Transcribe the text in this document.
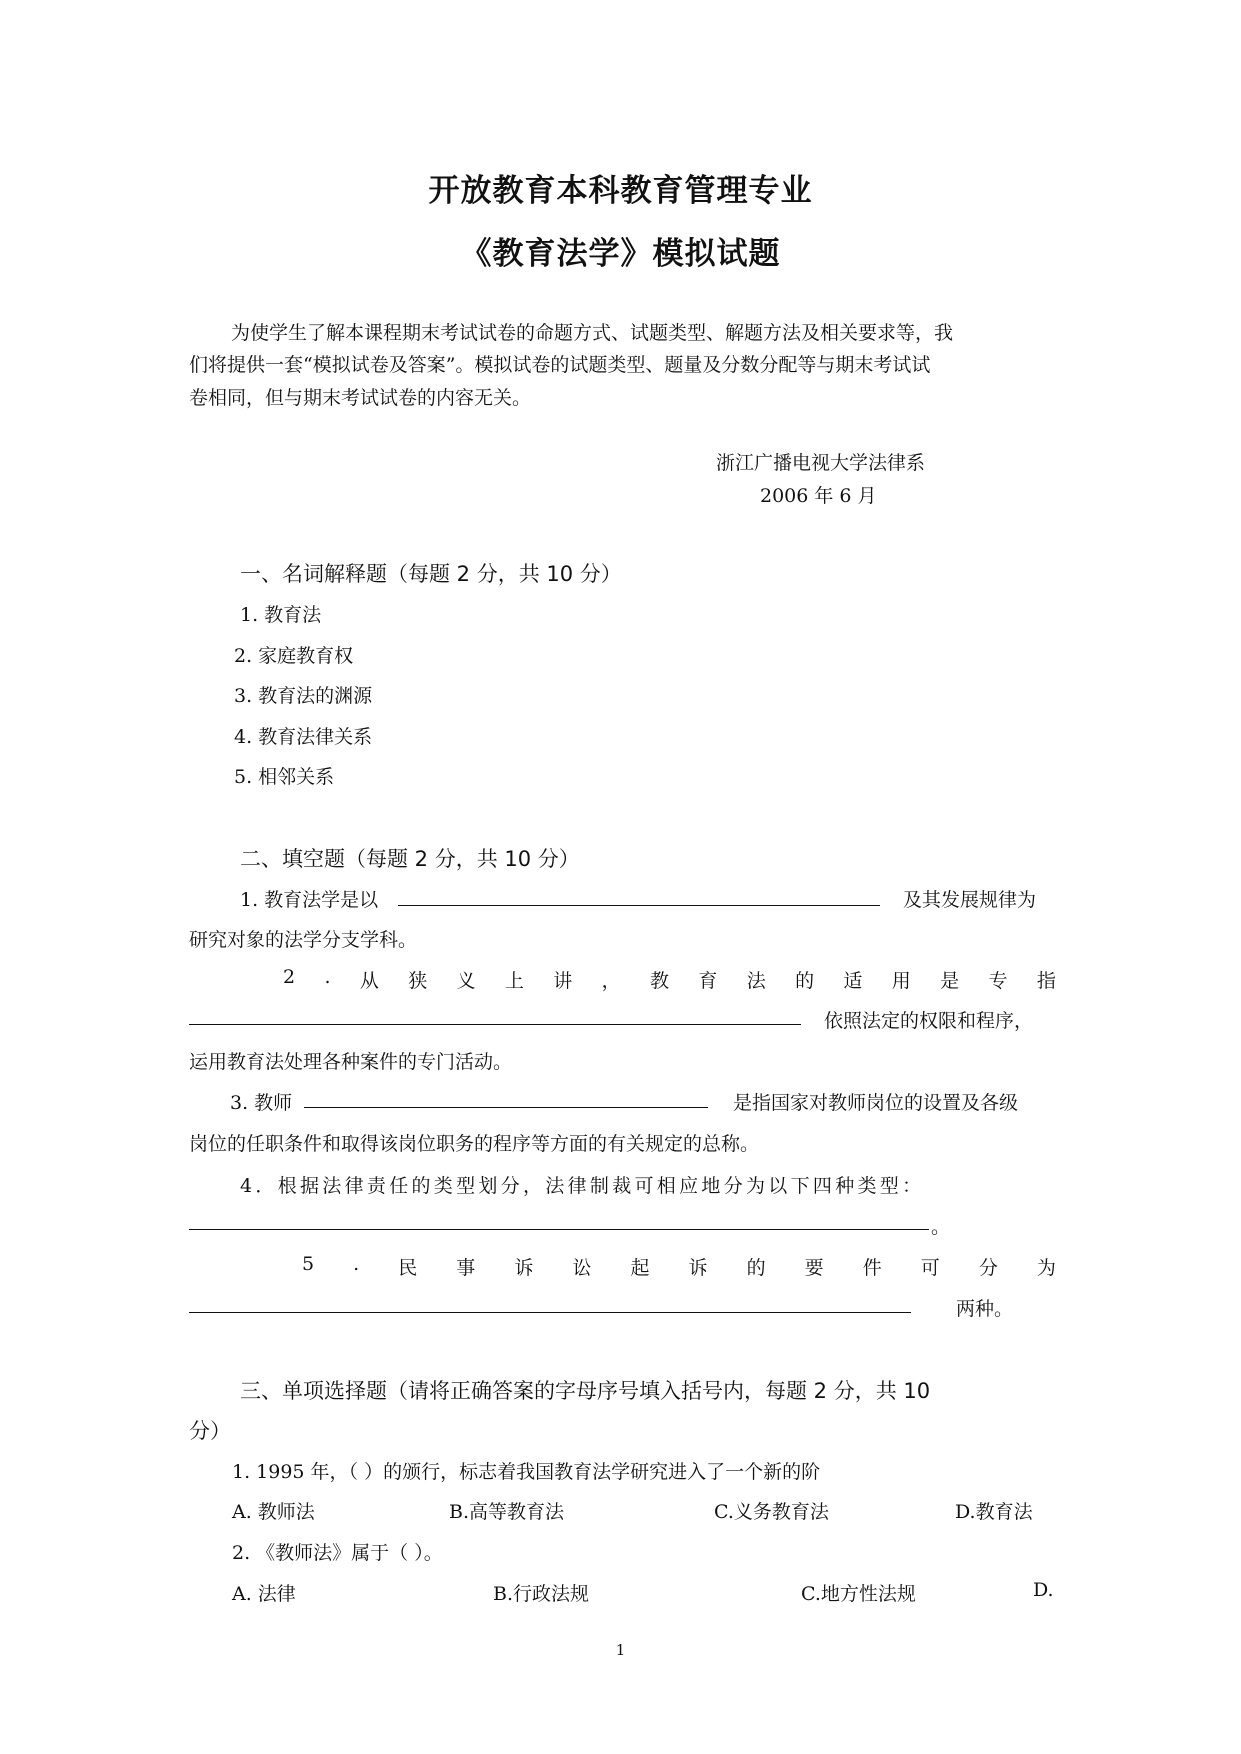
开放教育本科教育管理专业
《教育法学》模拟试题
为使学生了解本课程期末考试试卷的命题方式、试题类型、解题方法及相关要求等，我
们将提供一套“模拟试卷及答案”。模拟试卷的试题类型、题量及分数分配等与期末考试试
卷相同，但与期末考试试卷的内容无关。
浙江广播电视大学法律系
2006 年 6 月
一、名词解释题（每题 2 分，共 10 分）
1. 教育法
2. 家庭教育权
3. 教育法的渊源
4. 教育法律关系
5. 相邻关系
二、填空题（每题 2 分，共 10 分）
1. 教育法学是以	及其发展规律为
研究对象的法学分支学科。
2 . 从 狭 义 上 讲 ， 教 育 法 的 适 用 是 专 指
依照法定的权限和程序，
运用教育法处理各种案件的专门活动。
3. 教师	是指国家对教师岗位的设置及各级
岗位的任职条件和取得该岗位职务的程序等方面的有关规定的总称。
4．根据法律责任的类型划分，法律制裁可相应地分为以下四种类型：
。
5 . 民 事 诉 讼 起 诉 的 要 件 可 分 为
两种。
三、单项选择题（请将正确答案的字母序号填入括号内，每题 2 分，共 10
分）
1. 1995 年，（ ）的颁行，标志着我国教育法学研究进入了一个新的阶
A. 教师法	B.高等教育法	C.义务教育法	D.教育法
2. 《教师法》属于（ ）。
A. 法律	B.行政法规	C.地方性法规	D.
1
